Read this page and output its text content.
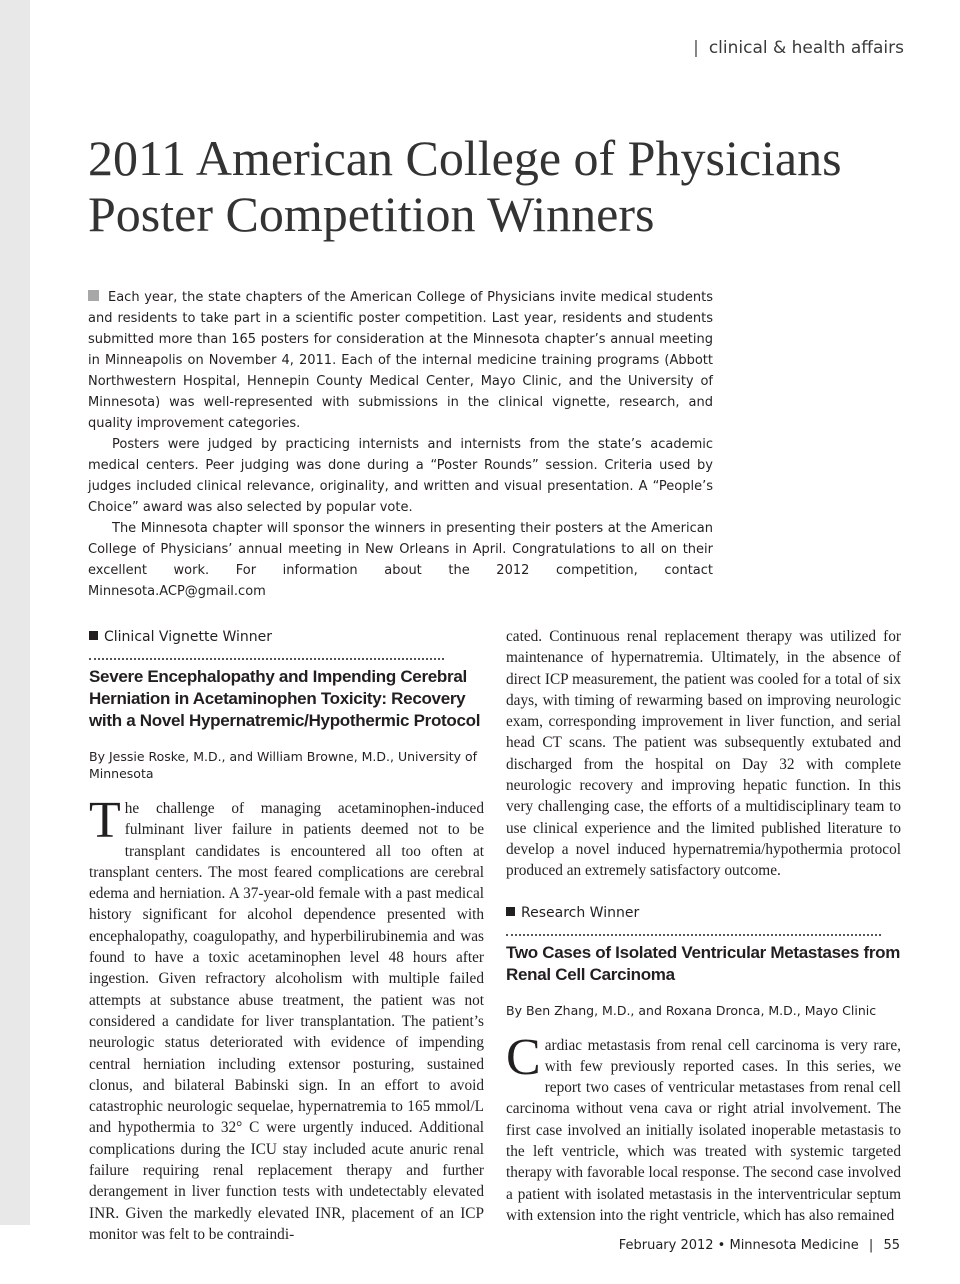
| clinical & health affairs
2011 American College of Physicians
Poster Competition Winners

Each year, the state chapters of the American College of Physicians invite medical students and residents to take part in a scientific poster competition. Last year, residents and students submitted more than 165 posters for consideration at the Minnesota chapter’s annual meeting in Minneapolis on November 4, 2011. Each of the internal medicine training programs (Abbott Northwestern Hospital, Hennepin County Medical Center, Mayo Clinic, and the University of Minnesota) was well-represented with submissions in the clinical vignette, research, and quality improvement categories.

Posters were judged by practicing internists and internists from the state’s academic medical centers. Peer judging was done during a “Poster Rounds” session. Criteria used by judges included clinical relevance, originality, and written and visual presentation. A “People’s Choice” award was also selected by popular vote.

The Minnesota chapter will sponsor the winners in presenting their posters at the American College of Physicians’ annual meeting in New Orleans in April. Congratulations to all on their excellent work. For information about the 2012 competition, contact Minnesota.ACP@gmail.com

Clinical Vignette Winner
Severe Encephalopathy and Impending Cerebral Herniation in Acetaminophen Toxicity: Recovery with a Novel Hypernatremic/Hypothermic Protocol

By Jessie Roske, M.D., and William Browne, M.D., University of Minnesota

The challenge of managing acetaminophen-induced fulminant liver failure in patients deemed not to be transplant candidates is encountered all too often at transplant centers. The most feared complications are cerebral edema and herniation. A 37-year-old female with a past medical history significant for alcohol dependence presented with encephalopathy, coagulopathy, and hyperbilirubinemia and was found to have a toxic acetaminophen level 48 hours after ingestion. Given refractory alcoholism with multiple failed attempts at substance abuse treatment, the patient was not considered a candidate for liver transplantation. The patient’s neurologic status deteriorated with evidence of impending central herniation including extensor posturing, sustained clonus, and bilateral Babinski sign. In an effort to avoid catastrophic neurologic sequelae, hypernatremia to 165 mmol/L and hypothermia to 32° C were urgently induced. Additional complications during the ICU stay included acute anuric renal failure requiring renal replacement therapy and further derangement in liver function tests with undetectably elevated INR. Given the markedly elevated INR, placement of an ICP monitor was felt to be contraindi-

cated. Continuous renal replacement therapy was utilized for maintenance of hypernatremia. Ultimately, in the absence of direct ICP measurement, the patient was cooled for a total of six days, with timing of rewarming based on improving neurologic exam, corresponding improvement in liver function, and serial head CT scans. The patient was subsequently extubated and discharged from the hospital on Day 32 with complete neurologic recovery and improving hepatic function. In this very challenging case, the efforts of a multidisciplinary team to use clinical experience and the limited published literature to develop a novel induced hypernatremia/hypothermia protocol produced an extremely satisfactory outcome.

Research Winner
Two Cases of Isolated Ventricular Metastases from Renal Cell Carcinoma

By Ben Zhang, M.D., and Roxana Dronca, M.D., Mayo Clinic

Cardiac metastasis from renal cell carcinoma is very rare, with few previously reported cases. In this series, we report two cases of ventricular metastases from renal cell carcinoma without vena cava or right atrial involvement. The first case involved an initially isolated inoperable metastasis to the left ventricle, which was treated with systemic targeted therapy with favorable local response. The second case involved a patient with isolated metastasis in the interventricular septum with extension into the right ventricle, which has also remained

February 2012 • Minnesota Medicine | 55
